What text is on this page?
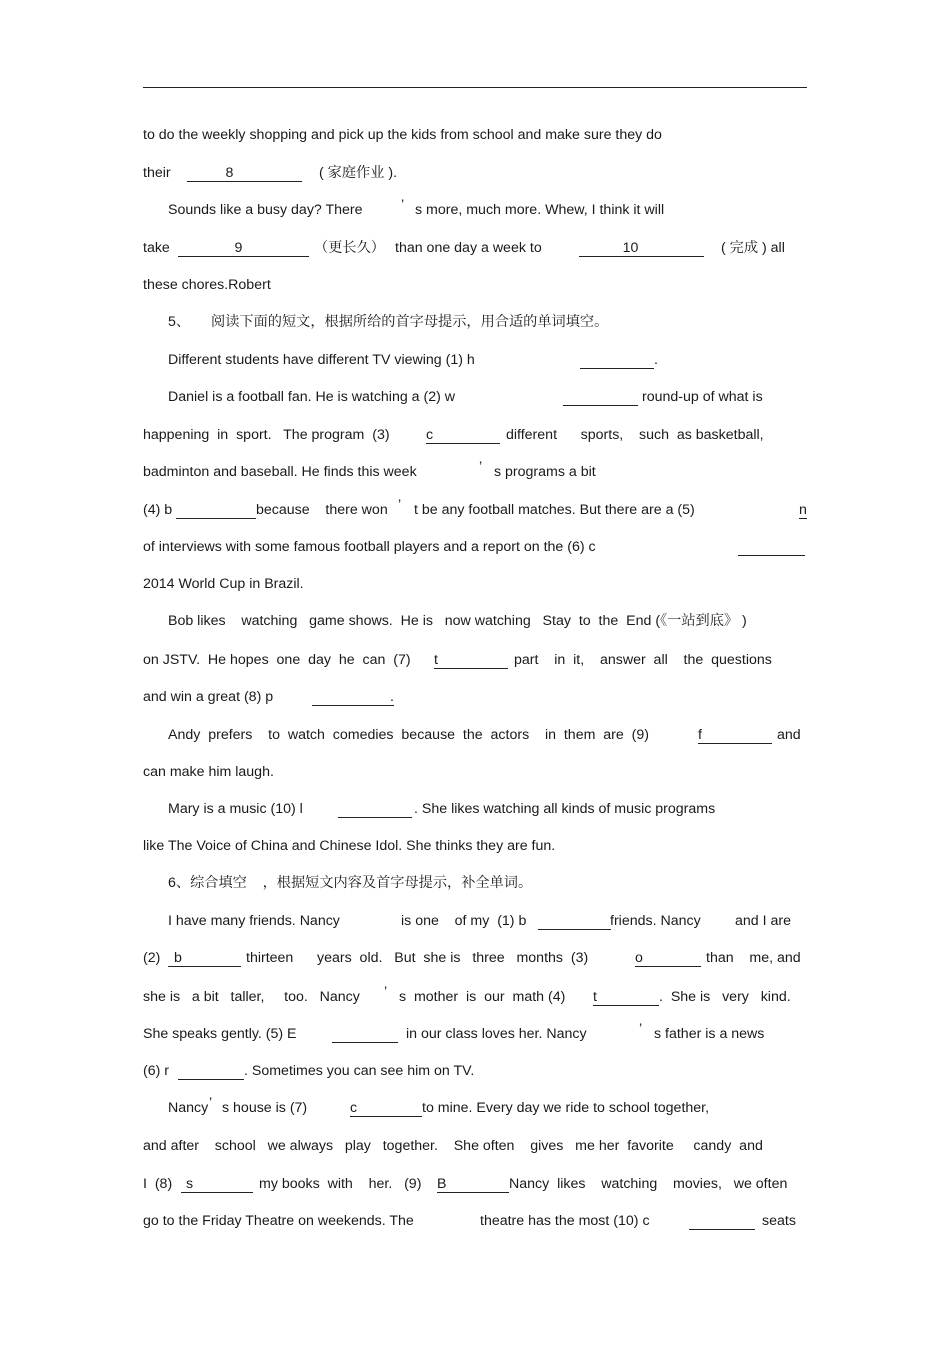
to do the weekly shopping and pick up the kids from school and make sure they do
their	8	( 家庭作业 ).
Sounds like a busy day? There	’ s more, much more. Whew, I think it will
take	9	（更长久） than one day a week to	10	( 完成 ) all
these chores.Robert
5、 阅读下面的短文，根据所给的首字母提示，用合适的单词填空。
Different students have different TV viewing (1) h	.
Daniel is a football fan. He is watching a (2) w	round-up of what is
happening  in  sport.   The program  (3)	c	different      sports,    such  as basketball,
badminton and baseball. He finds this week	’ s programs a bit
(4) b	because    there won ’ t be any football matches. But there are a (5)	n
of interviews with some famous football players and a report on the (6) c
2014 World Cup in Brazil.
Bob likes    watching   game shows.  He is   now watching   Stay  to  the  End (《一站到底》 )
on JSTV.  He hopes  one  day  he  can  (7) t	part    in  it,    answer  all    the  questions
and win a great (8) p	.
Andy  prefers    to  watch  comedies  because  the  actors    in  them  are  (9)	f	and
can make him laugh.
Mary is a music (10) l	. She likes watching all kinds of music programs
like The Voice of China and Chinese Idol. She thinks they are fun.
6、综合填空    ，根据短文内容及首字母提示，补全单词。
I have many friends. Nancy	is one    of my  (1) b	friends. Nancy and I are
(2) b	thirteen      years  old.   But  she is   three   months  (3)	o	than    me, and
she is   a bit   taller,     too.   Nancy ’ s  mother  is  our  math (4) t	.  She is   very   kind.
She speaks gently. (5) E	in our class loves her. Nancy	’ s father is a news
(6) r	. Sometimes you can see him on TV.
Nancy ’ s house is (7)	c	to mine. Every day we ride to school together,
and after    school   we always   play   together.    She often    gives   me her  favorite     candy  and
I  (8) s	my books  with    her.   (9) B	Nancy  likes    watching    movies,   we often
go to the Friday Theatre on weekends. The	theatre has the most (10) c	seats
